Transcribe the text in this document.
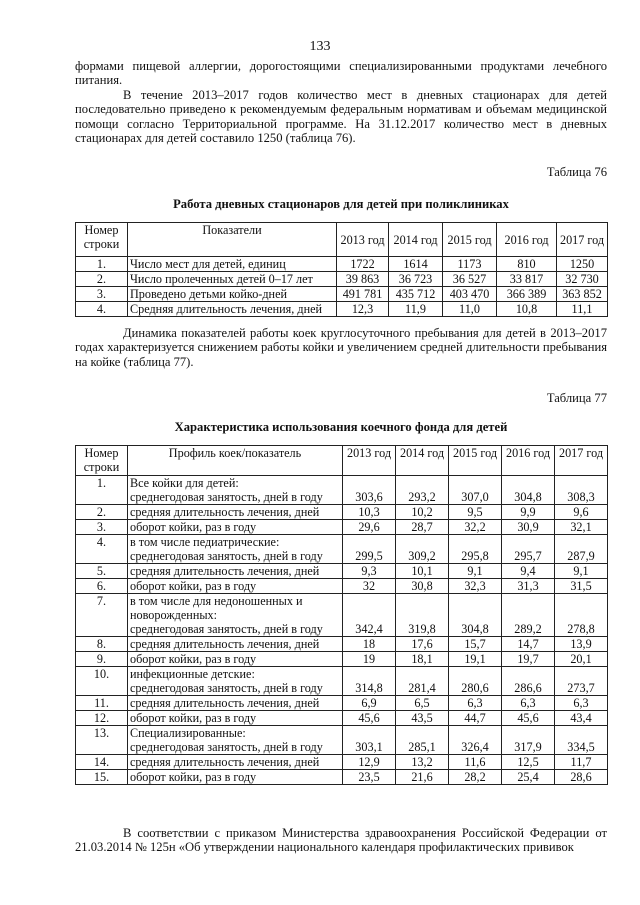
133

формами пищевой аллергии, дорогостоящими специализированными продуктами лечебного питания.

В течение 2013–2017 годов количество мест в дневных стационарах для детей последовательно приведено к рекомендуемым федеральным нормативам и объемам медицинской помощи согласно Территориальной программе. На 31.12.2017 количество мест в дневных стационарах для детей составило 1250 (таблица 76).

Таблица 76
Работа дневных стационаров для детей при поликлиниках
Номер строки	Показатели	2013 год	2014 год	2015 год	2016 год	2017 год
1.	Число мест для детей, единиц	1722	1614	1173	810	1250
2.	Число пролеченных детей 0–17 лет	39 863	36 723	36 527	33 817	32 730
3.	Проведено детьми койко-дней	491 781	435 712	403 470	366 389	363 852
4.	Средняя длительность лечения, дней	12,3	11,9	11,0	10,8	11,1

Динамика показателей работы коек круглосуточного пребывания для детей в 2013–2017 годах характеризуется снижением работы койки и увеличением средней длительности пребывания на койке (таблица 77).

Таблица 77
Характеристика использования коечного фонда для детей
Номер строки	Профиль коек/показатель	2013 год	2014 год	2015 год	2016 год	2017 год
1.	Все койки для детей:
среднегодовая занятость, дней в году	303,6	293,2	307,0	304,8	308,3
2.	средняя длительность лечения, дней	10,3	10,2	9,5	9,9	9,6
3.	оборот койки, раз в году	29,6	28,7	32,2	30,9	32,1
4.	в том числе педиатрические:
среднегодовая занятость, дней в году	299,5	309,2	295,8	295,7	287,9
5.	средняя длительность лечения, дней	9,3	10,1	9,1	9,4	9,1
6.	оборот койки, раз в году	32	30,8	32,3	31,3	31,5
7.	в том числе для недоношенных и
новорожденных:
среднегодовая занятость, дней в году	342,4	319,8	304,8	289,2	278,8
8.	средняя длительность лечения, дней	18	17,6	15,7	14,7	13,9
9.	оборот койки, раз в году	19	18,1	19,1	19,7	20,1
10.	инфекционные детские:
среднегодовая занятость, дней в году	314,8	281,4	280,6	286,6	273,7
11.	средняя длительность лечения, дней	6,9	6,5	6,3	6,3	6,3
12.	оборот койки, раз в году	45,6	43,5	44,7	45,6	43,4
13.	Специализированные:
среднегодовая занятость, дней в году	303,1	285,1	326,4	317,9	334,5
14.	средняя длительность лечения, дней	12,9	13,2	11,6	12,5	11,7
15.	оборот койки, раз в году	23,5	21,6	28,2	25,4	28,6

В соответствии с приказом Министерства здравоохранения Российской Федерации от 21.03.2014 № 125н «Об утверждении национального календаря профилактических прививок
